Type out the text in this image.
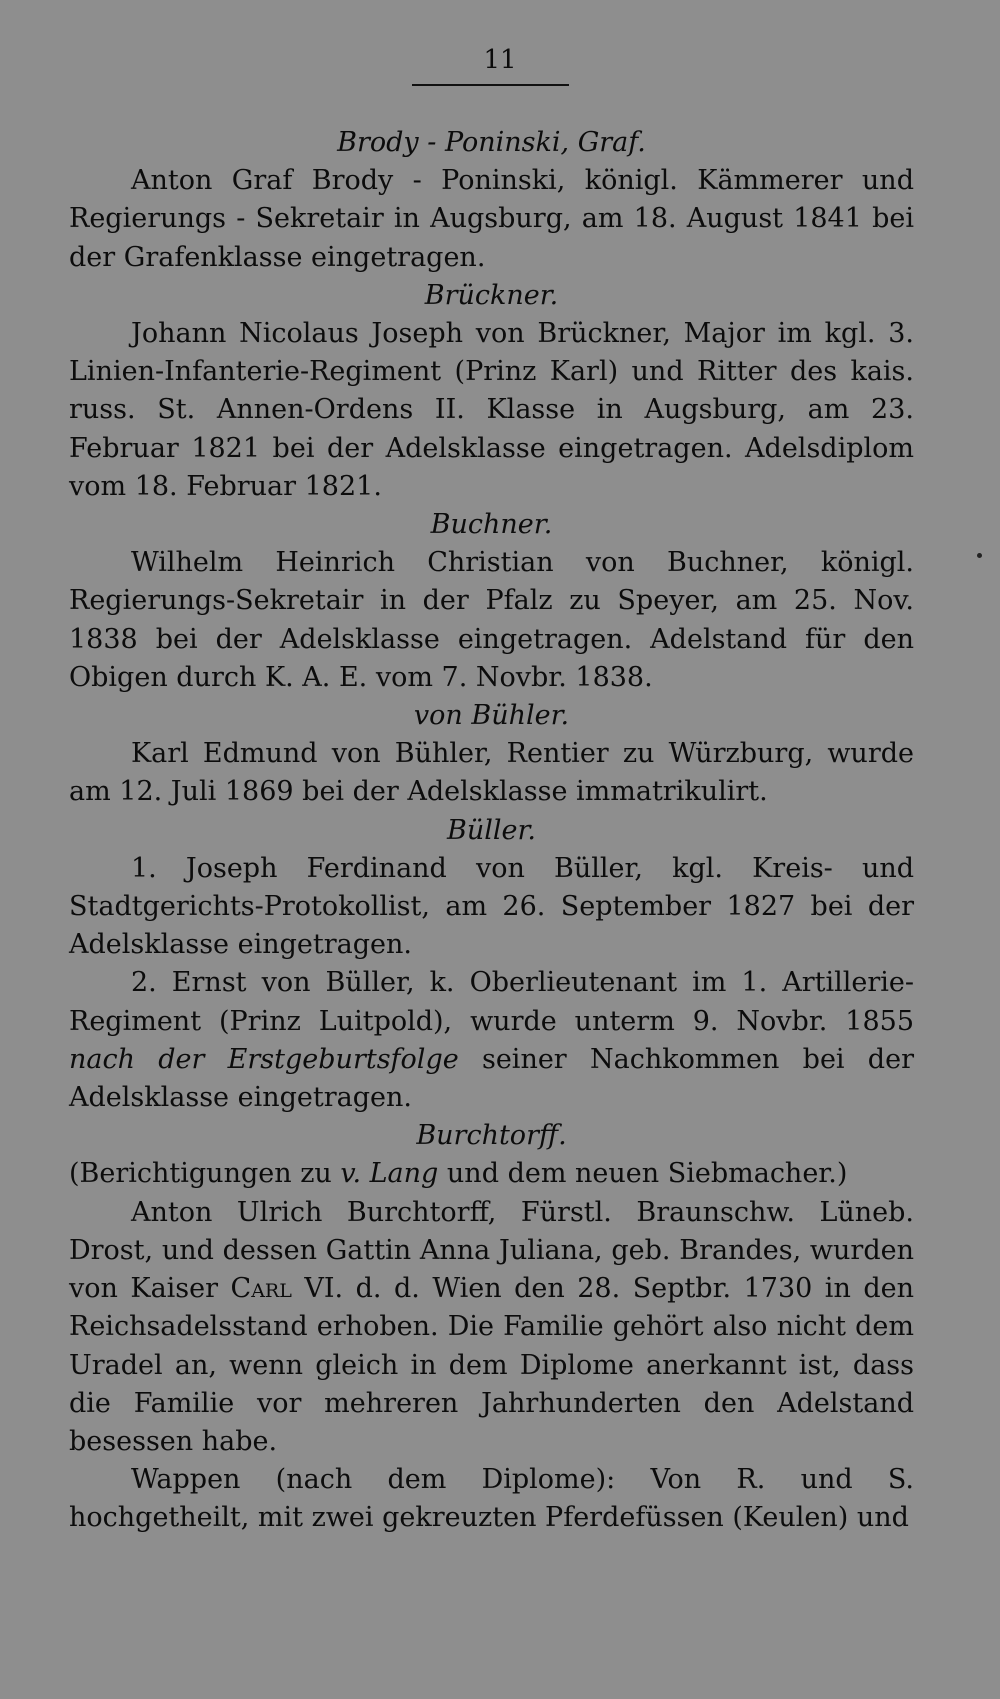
11

Brody - Poninski, Graf.

Anton Graf Brody - Poninski, königl. Kämmerer und Regierungs - Sekretair in Augsburg, am 18. August 1841 bei der Grafenklasse eingetragen.

Brückner.

Johann Nicolaus Joseph von Brückner, Major im kgl. 3. Linien-Infanterie-Regiment (Prinz Karl) und Ritter des kais. russ. St. Annen-Ordens II. Klasse in Augsburg, am 23. Februar 1821 bei der Adelsklasse eingetragen. Adelsdiplom vom 18. Februar 1821.

Buchner.

Wilhelm Heinrich Christian von Buchner, königl. Regierungs-Sekretair in der Pfalz zu Speyer, am 25. Nov. 1838 bei der Adelsklasse eingetragen. Adelstand für den Obigen durch K. A. E. vom 7. Novbr. 1838.

von Bühler.

Karl Edmund von Bühler, Rentier zu Würzburg, wurde am 12. Juli 1869 bei der Adelsklasse immatrikulirt.

Büller.

1. Joseph Ferdinand von Büller, kgl. Kreis- und Stadtgerichts-Protokollist, am 26. September 1827 bei der Adelsklasse eingetragen.

2. Ernst von Büller, k. Oberlieutenant im 1. Artillerie-Regiment (Prinz Luitpold), wurde unterm 9. Novbr. 1855 nach der Erstgeburtsfolge seiner Nachkommen bei der Adelsklasse eingetragen.

Burchtorff.

(Berichtigungen zu v. Lang und dem neuen Siebmacher.)

Anton Ulrich Burchtorff, Fürstl. Braunschw. Lüneb. Drost, und dessen Gattin Anna Juliana, geb. Brandes, wurden von Kaiser Carl VI. d. d. Wien den 28. Septbr. 1730 in den Reichsadelsstand erhoben. Die Familie gehört also nicht dem Uradel an, wenn gleich in dem Diplome anerkannt ist, dass die Familie vor mehreren Jahrhunderten den Adelstand besessen habe.

Wappen (nach dem Diplome): Von R. und S. hochgetheilt, mit zwei gekreuzten Pferdefüssen (Keulen) und
